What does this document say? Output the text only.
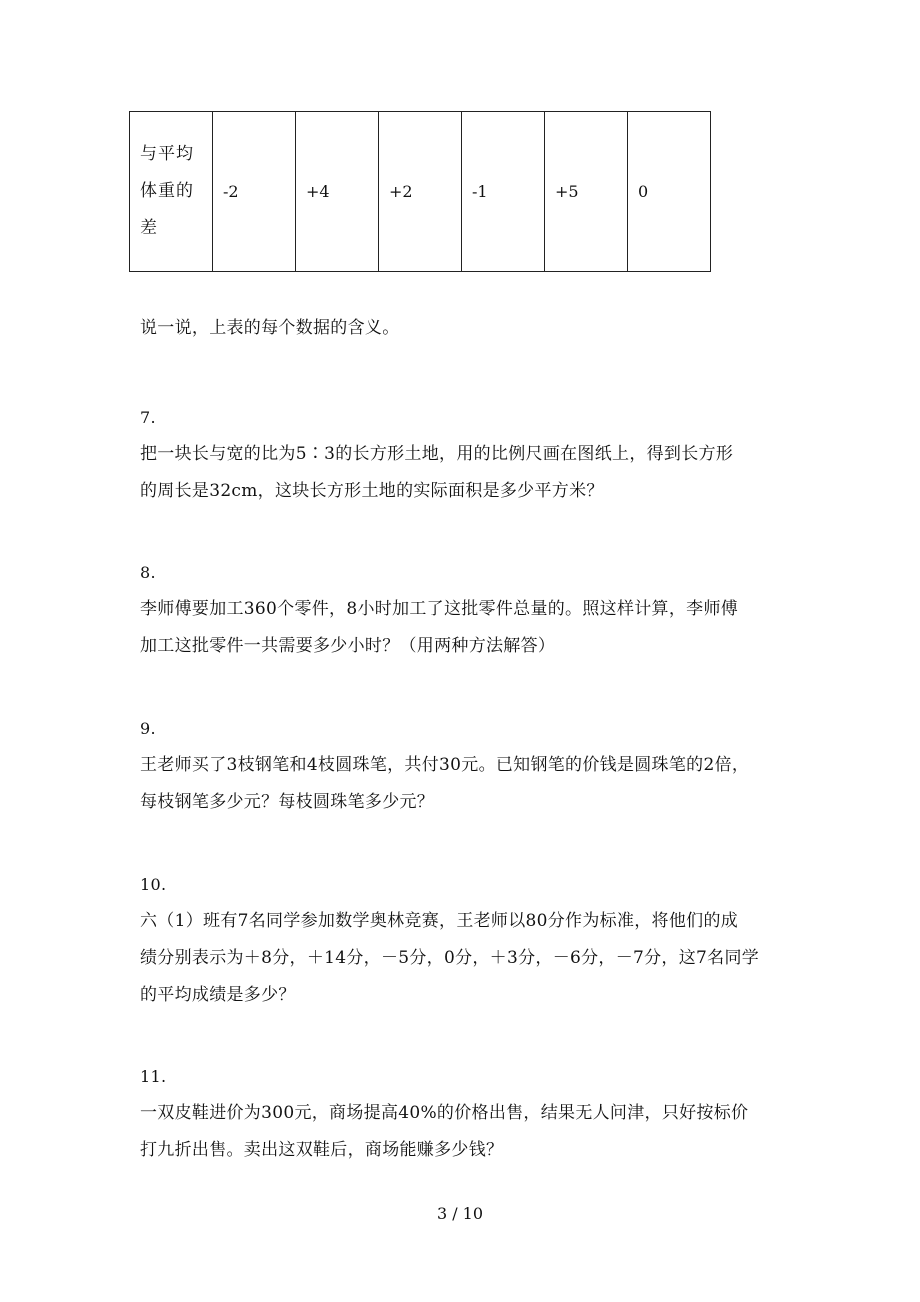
与平均
体重的
差
	-2	+4	+2	-1	+5	0
说一说，上表的每个数据的含义。
7.
把一块长与宽的比为5∶3的长方形土地，用的比例尺画在图纸上，得到长方形
的周长是32cm，这块长方形土地的实际面积是多少平方米？
8.
李师傅要加工360个零件，8小时加工了这批零件总量的。照这样计算，李师傅
加工这批零件一共需要多少小时？（用两种方法解答）
9.
王老师买了3枝钢笔和4枝圆珠笔，共付30元。已知钢笔的价钱是圆珠笔的2倍，
每枝钢笔多少元？每枝圆珠笔多少元？
10.
六（1）班有7名同学参加数学奥林竞赛，王老师以80分作为标准，将他们的成
绩分别表示为＋8分，＋14分，－5分，0分，＋3分，－6分，－7分，这7名同学
的平均成绩是多少？
11.
一双皮鞋进价为300元，商场提高40%的价格出售，结果无人问津，只好按标价
打九折出售。卖出这双鞋后，商场能赚多少钱？
3 / 10
